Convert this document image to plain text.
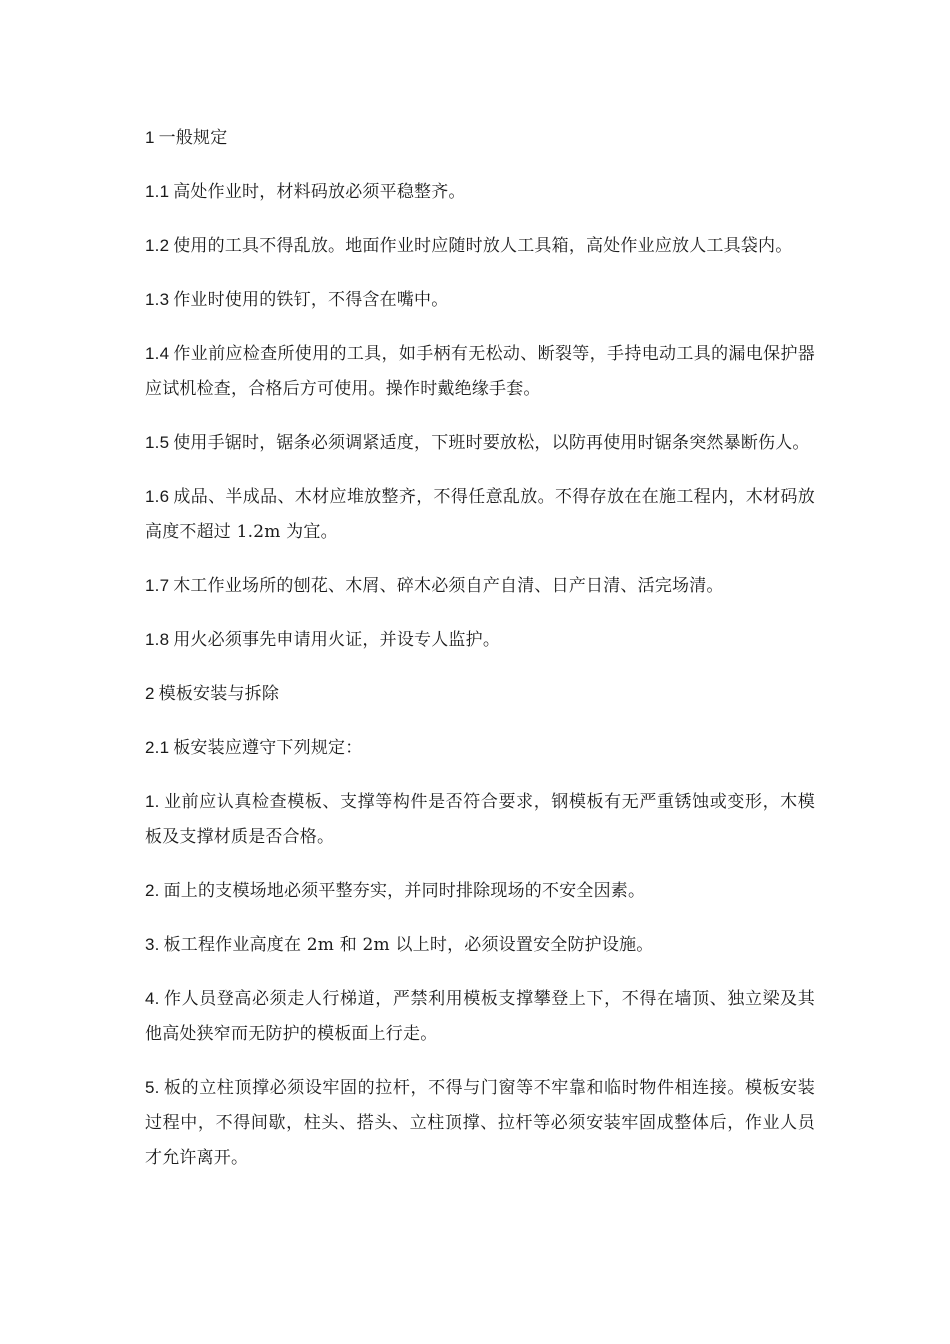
1 一般规定

1.1 高处作业时，材料码放必须平稳整齐。

1.2 使用的工具不得乱放。地面作业时应随时放人工具箱，高处作业应放人工具袋内。

1.3 作业时使用的铁钉，不得含在嘴中。

1.4 作业前应检查所使用的工具，如手柄有无松动、断裂等，手持电动工具的漏电保护器应试机检查，合格后方可使用。操作时戴绝缘手套。

1.5 使用手锯时，锯条必须调紧适度，下班时要放松，以防再使用时锯条突然暴断伤人。

1.6 成品、半成品、木材应堆放整齐，不得任意乱放。不得存放在在施工程内，木材码放高度不超过 1.2m 为宜。

1.7 木工作业场所的刨花、木屑、碎木必须自产自清、日产日清、活完场清。

1.8 用火必须事先申请用火证，并设专人监护。

2 模板安装与拆除

2.1 板安装应遵守下列规定：

1. 业前应认真检查模板、支撑等构件是否符合要求，钢模板有无严重锈蚀或变形，木模板及支撑材质是否合格。

2. 面上的支模场地必须平整夯实，并同时排除现场的不安全因素。

3. 板工程作业高度在 2m 和 2m 以上时，必须设置安全防护设施。

4. 作人员登高必须走人行梯道，严禁利用模板支撑攀登上下，不得在墙顶、独立梁及其他高处狭窄而无防护的模板面上行走。

5. 板的立柱顶撑必须设牢固的拉杆，不得与门窗等不牢靠和临时物件相连接。模板安装过程中，不得间歇，柱头、搭头、立柱顶撑、拉杆等必须安装牢固成整体后，作业人员才允许离开。
